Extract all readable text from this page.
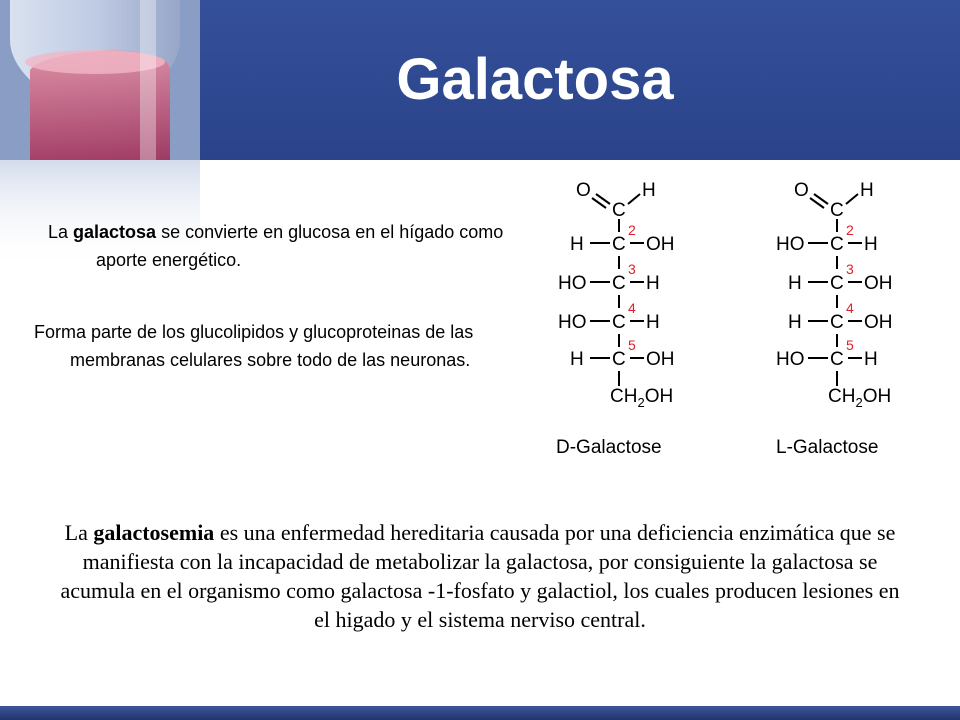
Galactosa
La galactosa se convierte en glucosa en el hígado como aporte energético.
Forma parte de los glucolipidos y glucoproteinas de las membranas celulares sobre todo de las neuronas.
O	H
C
H C OH
2
HO C H
3
HO C H
4
H C OH
5
$CH_2OH$
D-Galactose
O	H
C
HO C H
2
H C OH
3
H C OH
4
HO C H
5
$CH_2OH$
L-Galactose
La galactosemia es una enfermedad hereditaria causada por una deficiencia enzimática que se manifiesta con la incapacidad de metabolizar la galactosa, por consiguiente la galactosa se acumula en el organismo como galactosa -1-fosfato y galactiol, los cuales producen lesiones en el higado y el sistema nerviso central.
